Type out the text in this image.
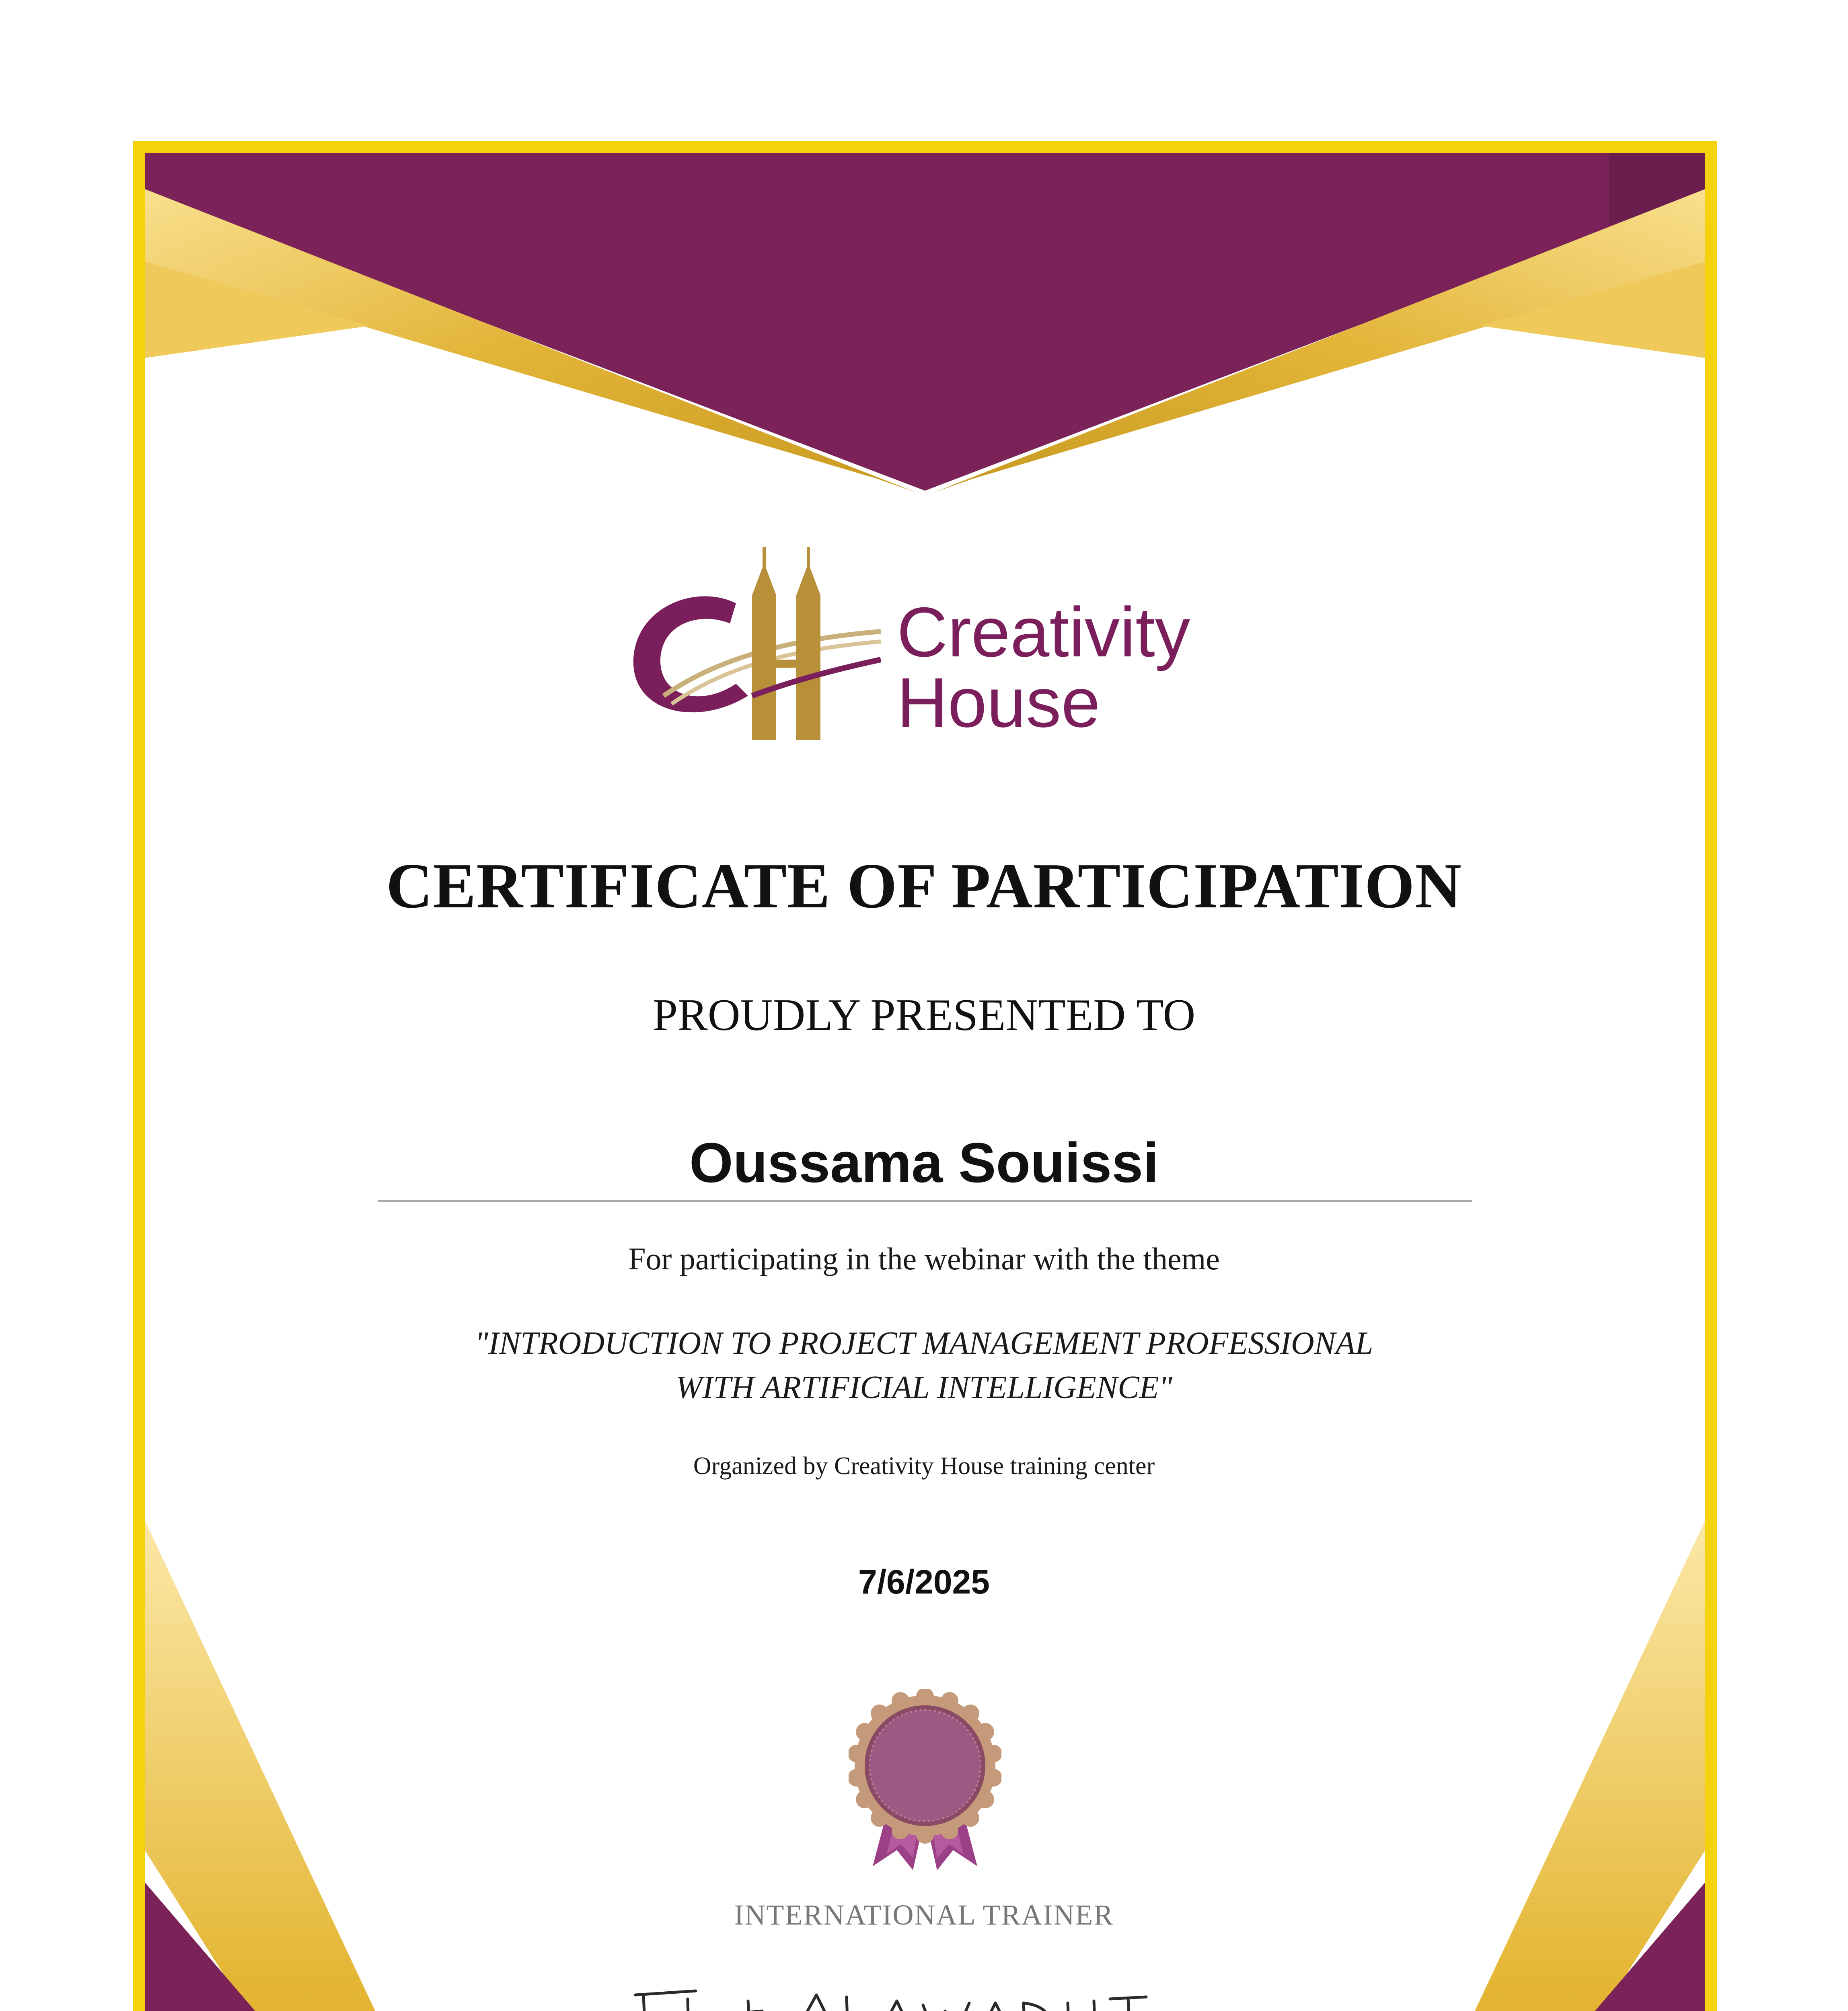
Creativity
House
CERTIFICATE OF PARTICIPATION
PROUDLY PRESENTED TO
Oussama Souissi
For participating in the webinar with the theme
"INTRODUCTION TO PROJECT MANAGEMENT PROFESSIONAL
WITH ARTIFICIAL INTELLIGENCE"
Organized by Creativity House training center
7/6/2025
INTERNATIONAL TRAINER
